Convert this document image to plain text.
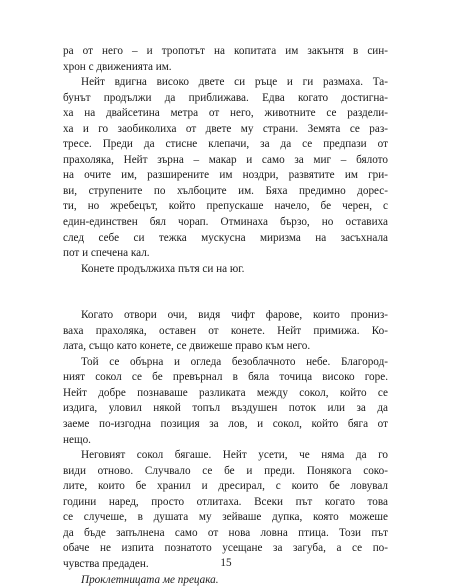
ра от него – и тропотът на копитата им закънтя в син-
хрон с движенията им.
Нейт вдигна високо двете си ръце и ги размаха. Та-
бунът продължи да приближава. Едва когато достигна-
ха на двайсетина метра от него, животните се раздели-
ха и го заобиколиха от двете му страни. Земята се раз-
тресе. Преди да стисне клепачи, за да се предпази от
прахоляка, Нейт зърна – макар и само за миг – бялото
на очите им, разширените им ноздри, развятите им гри-
ви, струпените по хълбоците им. Бяха предимно дорес-
ти, но жребецът, който препускаше начело, бе черен, с
един-единствен бял чорап. Отминаха бързо, но оставиха
след себе си тежка мускусна миризма на засъхнала
пот и спечена кал.
Конете продължиха пътя си на юг.
Когато отвори очи, видя чифт фарове, които прониз-
ваха прахоляка, оставен от конете. Нейт примижа. Ко-
лата, също като конете, се движеше право към него.
Той се обърна и огледа безоблачното небе. Благород-
ният сокол се бе превърнал в бяла точица високо горе.
Нейт добре познаваше разликата между сокол, който се
издига, уловил някой топъл въздушен поток или за да
заеме по-изгодна позиция за лов, и сокол, който бяга от
нещо.
Неговият сокол бягаше. Нейт усети, че няма да го
види отново. Случвало се бе и преди. Понякога соко-
лите, които бе хранил и дресирал, с които бе ловувал
години наред, просто отлитаха. Всеки път когато това
се случеше, в душата му зейваше дупка, която можеше
да бъде запълнена само от нова ловна птица. Този път
обаче не изпита познатото усещане за загуба, а се по-
чувства предаден.
Проклетницата ме прецака.
15
